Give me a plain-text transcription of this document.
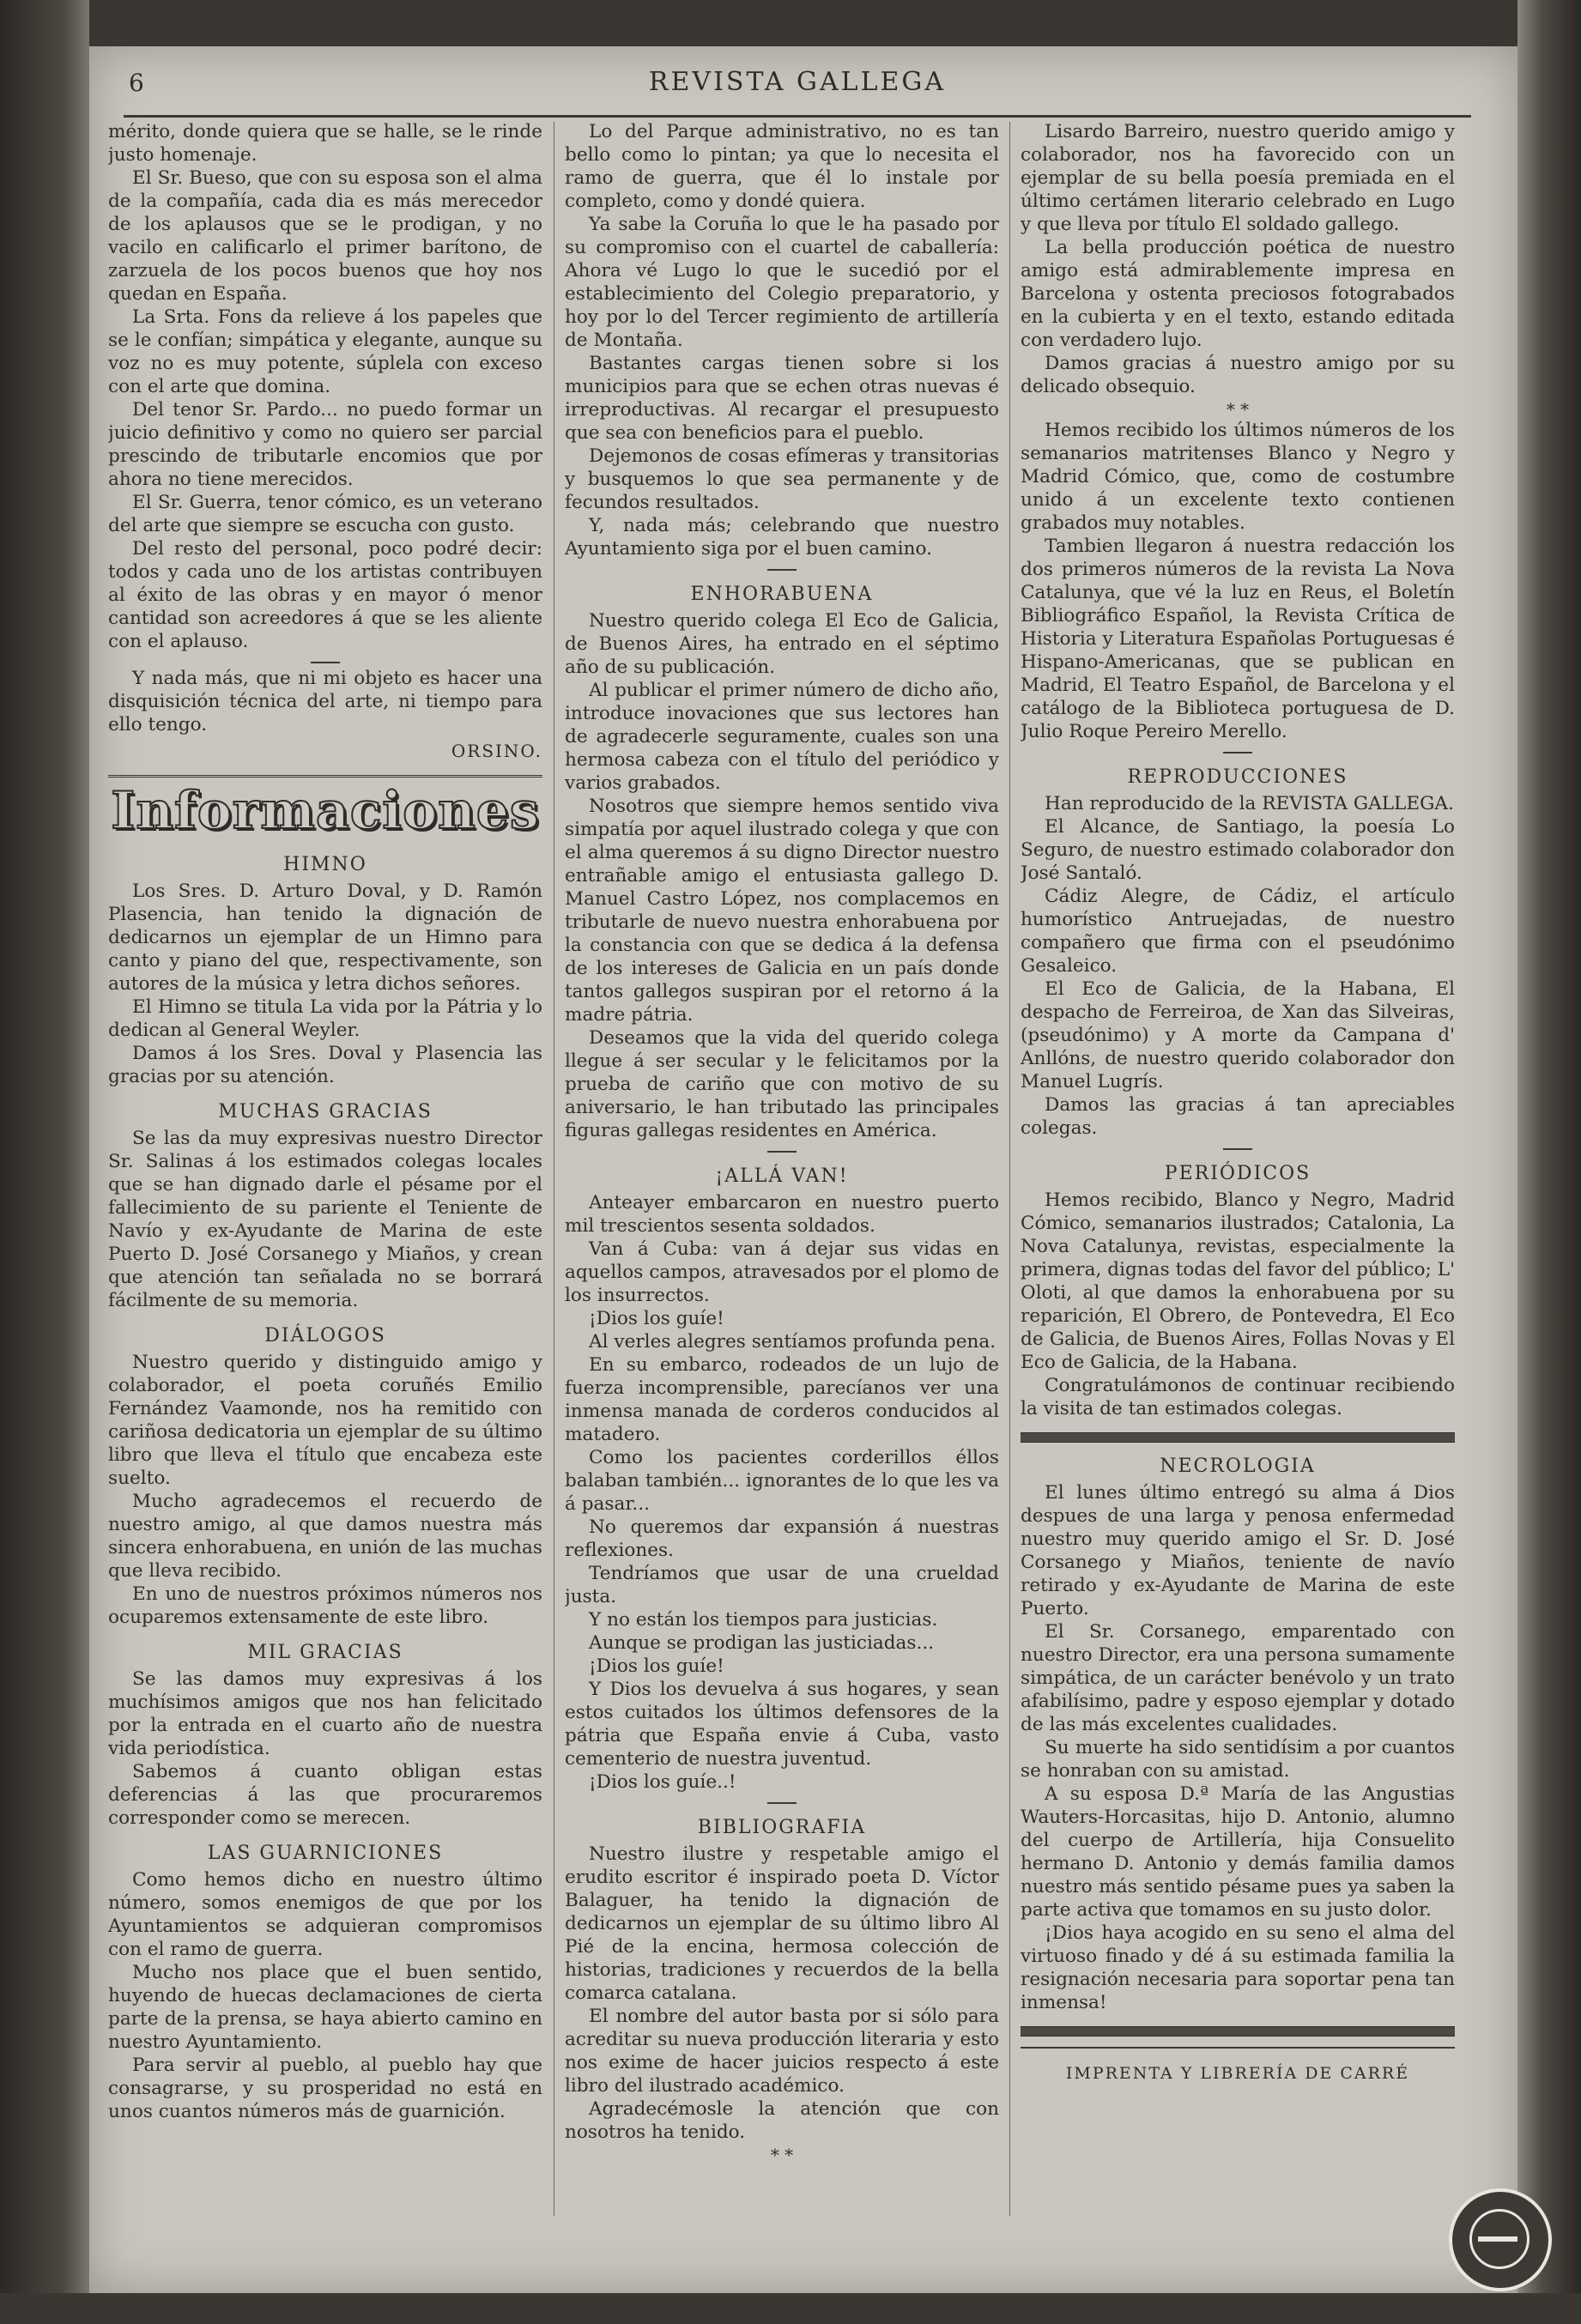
6	REVISTA GALLEGA

mérito, donde quiera que se halle, se le rinde justo homenaje.

El Sr. Bueso, que con su esposa son el alma de la compañía, cada dia es más merecedor de los aplausos que se le prodigan, y no vacilo en calificarlo el primer barítono, de zarzuela de los pocos buenos que hoy nos quedan en España.

La Srta. Fons da relieve á los papeles que se le confían; simpática y elegante, aunque su voz no es muy potente, súplela con exceso con el arte que domina.

Del tenor Sr. Pardo... no puedo formar un juicio definitivo y como no quiero ser parcial prescindo de tributarle encomios que por ahora no tiene merecidos.

El Sr. Guerra, tenor cómico, es un veterano del arte que siempre se escucha con gusto.

Del resto del personal, poco podré decir: todos y cada uno de los artistas contribuyen al éxito de las obras y en mayor ó menor cantidad son acreedores á que se les aliente con el aplauso.

Y nada más, que ni mi objeto es hacer una disquisición técnica del arte, ni tiempo para ello tengo.

ORSINO.
Informaciones
HIMNO

Los Sres. D. Arturo Doval, y D. Ramón Plasencia, han tenido la dignación de dedicarnos un ejemplar de un Himno para canto y piano del que, respectivamente, son autores de la música y letra dichos señores.

El Himno se titula La vida por la Pátria y lo dedican al General Weyler.

Damos á los Sres. Doval y Plasencia las gracias por su atención.

MUCHAS GRACIAS

Se las da muy expresivas nuestro Director Sr. Salinas á los estimados colegas locales que se han dignado darle el pésame por el fallecimiento de su pariente el Teniente de Navío y ex-Ayudante de Marina de este Puerto D. José Corsanego y Miaños, y crean que atención tan señalada no se borrará fácilmente de su memoria.

DIÁLOGOS

Nuestro querido y distinguido amigo y colaborador, el poeta coruñés Emilio Fernández Vaamonde, nos ha remitido con cariñosa dedicatoria un ejemplar de su último libro que lleva el título que encabeza este suelto.

Mucho agradecemos el recuerdo de nuestro amigo, al que damos nuestra más sincera enhorabuena, en unión de las muchas que lleva recibido.

En uno de nuestros próximos números nos ocuparemos extensamente de este libro.

MIL GRACIAS

Se las damos muy expresivas á los muchísimos amigos que nos han felicitado por la entrada en el cuarto año de nuestra vida periodística.

Sabemos á cuanto obligan estas deferencias á las que procuraremos corresponder como se merecen.

LAS GUARNICIONES

Como hemos dicho en nuestro último número, somos enemigos de que por los Ayuntamientos se adquieran compromisos con el ramo de guerra.

Mucho nos place que el buen sentido, huyendo de huecas declamaciones de cierta parte de la prensa, se haya abierto camino en nuestro Ayuntamiento.

Para servir al pueblo, al pueblo hay que consagrarse, y su prosperidad no está en unos cuantos números más de guarnición.

Lo del Parque administrativo, no es tan bello como lo pintan; ya que lo necesita el ramo de guerra, que él lo instale por completo, como y dondé quiera.

Ya sabe la Coruña lo que le ha pasado por su compromiso con el cuartel de caballería: Ahora vé Lugo lo que le sucedió por el establecimiento del Colegio preparatorio, y hoy por lo del Tercer regimiento de artillería de Montaña.

Bastantes cargas tienen sobre si los municipios para que se echen otras nuevas é irreproductivas. Al recargar el presupuesto que sea con beneficios para el pueblo.

Dejemonos de cosas efímeras y transitorias y busquemos lo que sea permanente y de fecundos resultados.

Y, nada más; celebrando que nuestro Ayuntamiento siga por el buen camino.

ENHORABUENA

Nuestro querido colega El Eco de Galicia, de Buenos Aires, ha entrado en el séptimo año de su publicación.

Al publicar el primer número de dicho año, introduce inovaciones que sus lectores han de agradecerle seguramente, cuales son una hermosa cabeza con el título del periódico y varios grabados.

Nosotros que siempre hemos sentido viva simpatía por aquel ilustrado colega y que con el alma queremos á su digno Director nuestro entrañable amigo el entusiasta gallego D. Manuel Castro López, nos complacemos en tributarle de nuevo nuestra enhorabuena por la constancia con que se dedica á la defensa de los intereses de Galicia en un país donde tantos gallegos suspiran por el retorno á la madre pátria.

Deseamos que la vida del querido colega llegue á ser secular y le felicitamos por la prueba de cariño que con motivo de su aniversario, le han tributado las principales figuras gallegas residentes en América.

¡ALLÁ VAN!

Anteayer embarcaron en nuestro puerto mil trescientos sesenta soldados.

Van á Cuba: van á dejar sus vidas en aquellos campos, atravesados por el plomo de los insurrectos.

¡Dios los guíe!

Al verles alegres sentíamos profunda pena.

En su embarco, rodeados de un lujo de fuerza incomprensible, parecíanos ver una inmensa manada de corderos conducidos al matadero.

Como los pacientes corderillos éllos balaban también... ignorantes de lo que les va á pasar...

No queremos dar expansión á nuestras reflexiones.

Tendríamos que usar de una crueldad justa.

Y no están los tiempos para justicias.

Aunque se prodigan las justiciadas...

¡Dios los guíe!

Y Dios los devuelva á sus hogares, y sean estos cuitados los últimos defensores de la pátria que España envie á Cuba, vasto cementerio de nuestra juventud.

¡Dios los guíe..!

BIBLIOGRAFIA

Nuestro ilustre y respetable amigo el erudito escritor é inspirado poeta D. Víctor Balaguer, ha tenido la dignación de dedicarnos un ejemplar de su último libro Al Pié de la encina, hermosa colección de historias, tradiciones y recuerdos de la bella comarca catalana.

El nombre del autor basta por si sólo para acreditar su nueva producción literaria y esto nos exime de hacer juicios respecto á este libro del ilustrado académico.

Agradecémosle la atención que con nosotros ha tenido.

* *

Lisardo Barreiro, nuestro querido amigo y colaborador, nos ha favorecido con un ejemplar de su bella poesía premiada en el último certámen literario celebrado en Lugo y que lleva por título El soldado gallego.

La bella producción poética de nuestro amigo está admirablemente impresa en Barcelona y ostenta preciosos fotograbados en la cubierta y en el texto, estando editada con verdadero lujo.

Damos gracias á nuestro amigo por su delicado obsequio.

* *

Hemos recibido los últimos números de los semanarios matritenses Blanco y Negro y Madrid Cómico, que, como de costumbre unido á un excelente texto contienen grabados muy notables.

Tambien llegaron á nuestra redacción los dos primeros números de la revista La Nova Catalunya, que vé la luz en Reus, el Boletín Bibliográfico Español, la Revista Crítica de Historia y Literatura Españolas Portuguesas é Hispano-Americanas, que se publican en Madrid, El Teatro Español, de Barcelona y el catálogo de la Biblioteca portuguesa de D. Julio Roque Pereiro Merello.

REPRODUCCIONES

Han reproducido de la REVISTA GALLEGA.

El Alcance, de Santiago, la poesía Lo Seguro, de nuestro estimado colaborador don José Santaló.

Cádiz Alegre, de Cádiz, el artículo humorístico Antruejadas, de nuestro compañero que firma con el pseudónimo Gesaleico.

El Eco de Galicia, de la Habana, El despacho de Ferreiroa, de Xan das Silveiras, (pseudónimo) y A morte da Campana d' Anllóns, de nuestro querido colaborador don Manuel Lugrís.

Damos las gracias á tan apreciables colegas.

PERIÓDICOS

Hemos recibido, Blanco y Negro, Madrid Cómico, semanarios ilustrados; Catalonia, La Nova Catalunya, revistas, especialmente la primera, dignas todas del favor del público; L' Oloti, al que damos la enhorabuena por su reparición, El Obrero, de Pontevedra, El Eco de Galicia, de Buenos Aires, Follas Novas y El Eco de Galicia, de la Habana.

Congratulámonos de continuar recibiendo la visita de tan estimados colegas.

NECROLOGIA

El lunes último entregó su alma á Dios despues de una larga y penosa enfermedad nuestro muy querido amigo el Sr. D. José Corsanego y Miaños, teniente de navío retirado y ex-Ayudante de Marina de este Puerto.

El Sr. Corsanego, emparentado con nuestro Director, era una persona sumamente simpática, de un carácter benévolo y un trato afabilísimo, padre y esposo ejemplar y dotado de las más excelentes cualidades.

Su muerte ha sido sentidísim a por cuantos se honraban con su amistad.

A su esposa D.ª María de las Angustias Wauters-Horcasitas, hijo D. Antonio, alumno del cuerpo de Artillería, hija Consuelito hermano D. Antonio y demás familia damos nuestro más sentido pésame pues ya saben la parte activa que tomamos en su justo dolor.

¡Dios haya acogido en su seno el alma del virtuoso finado y dé á su estimada familia la resignación necesaria para soportar pena tan inmensa!

IMPRENTA Y LIBRERÍA DE CARRÉ
